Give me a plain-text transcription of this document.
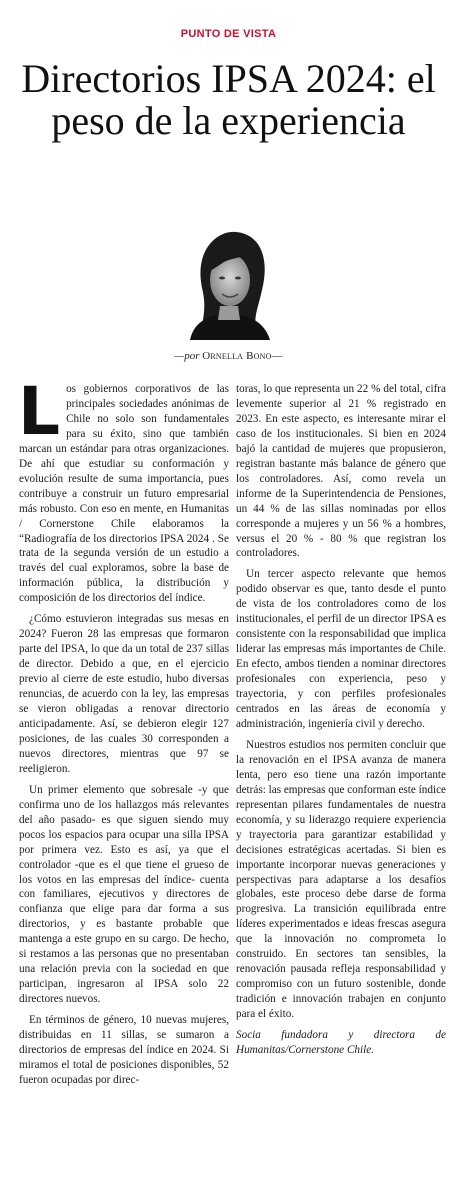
PUNTO DE VISTA
Directorios IPSA 2024: el peso de la experiencia
—por Ornella Bono—

Los gobiernos corporativos de las principales sociedades anónimas de Chile no solo son fundamentales para su éxito, sino que también marcan un estándar para otras organizaciones. De ahí que estudiar su conformación y evolución resulte de suma importancia, pues contribuye a construir un futuro empresarial más robusto. Con eso en mente, en Humanitas / Cornerstone Chile elaboramos la “Radiografía de los directorios IPSA 2024 . Se trata de la segunda versión de un estudio a través del cual exploramos, sobre la base de información pública, la distribución y composición de los directorios del índice.

¿Cómo estuvieron integradas sus mesas en 2024? Fueron 28 las empresas que formaron parte del IPSA, lo que da un total de 237 sillas de director. Debido a que, en el ejercicio previo al cierre de este estudio, hubo diversas renuncias, de acuerdo con la ley, las empresas se vieron obligadas a renovar directorio anticipadamente. Así, se debieron elegir 127 posiciones, de las cuales 30 corresponden a nuevos directores, mientras que 97 se reeligieron.

Un primer elemento que sobresale -y que confirma uno de los hallazgos más relevantes del año pasado- es que siguen siendo muy pocos los espacios para ocupar una silla IPSA por primera vez. Esto es así, ya que el controlador -que es el que tiene el grueso de los votos en las empresas del índice- cuenta con familiares, ejecutivos y directores de confianza que elige para dar forma a sus directorios, y es bastante probable que mantenga a este grupo en su cargo. De hecho, si restamos a las personas que no presentaban una relación previa con la sociedad en que participan, ingresaron al IPSA solo 22 directores nuevos.

En términos de género, 10 nuevas mujeres, distribuidas en 11 sillas, se sumaron a directorios de empresas del índice en 2024. Si miramos el total de posiciones disponibles, 52 fueron ocupadas por direc-

toras, lo que representa un 22 % del total, cifra levemente superior al 21 % registrado en 2023. En este aspecto, es interesante mirar el caso de los institucionales. Si bien en 2024 bajó la cantidad de mujeres que propusieron, registran bastante más balance de género que los controladores. Así, como revela un informe de la Superintendencia de Pensiones, un 44 % de las sillas nominadas por ellos corresponde a mujeres y un 56 % a hombres, versus el 20 % - 80 % que registran los controladores.

Un tercer aspecto relevante que hemos podido observar es que, tanto desde el punto de vista de los controladores como de los institucionales, el perfil de un director IPSA es consistente con la responsabilidad que implica liderar las empresas más importantes de Chile. En efecto, ambos tienden a nominar directores profesionales con experiencia, peso y trayectoria, y con perfiles profesionales centrados en las áreas de economía y administración, ingeniería civil y derecho.

Nuestros estudios nos permiten concluir que la renovación en el IPSA avanza de manera lenta, pero eso tiene una razón importante detrás: las empresas que conforman este índice representan pilares fundamentales de nuestra economía, y su liderazgo requiere experiencia y trayectoria para garantizar estabilidad y decisiones estratégicas acertadas. Si bien es importante incorporar nuevas generaciones y perspectivas para adaptarse a los desafíos globales, este proceso debe darse de forma progresiva. La transición equilibrada entre líderes experimentados e ideas frescas asegura que la innovación no comprometa lo construido. En sectores tan sensibles, la renovación pausada refleja responsabilidad y compromiso con un futuro sostenible, donde tradición e innovación trabajen en conjunto para el éxito.

Socia fundadora y directora de Humanitas/Cornerstone Chile.
